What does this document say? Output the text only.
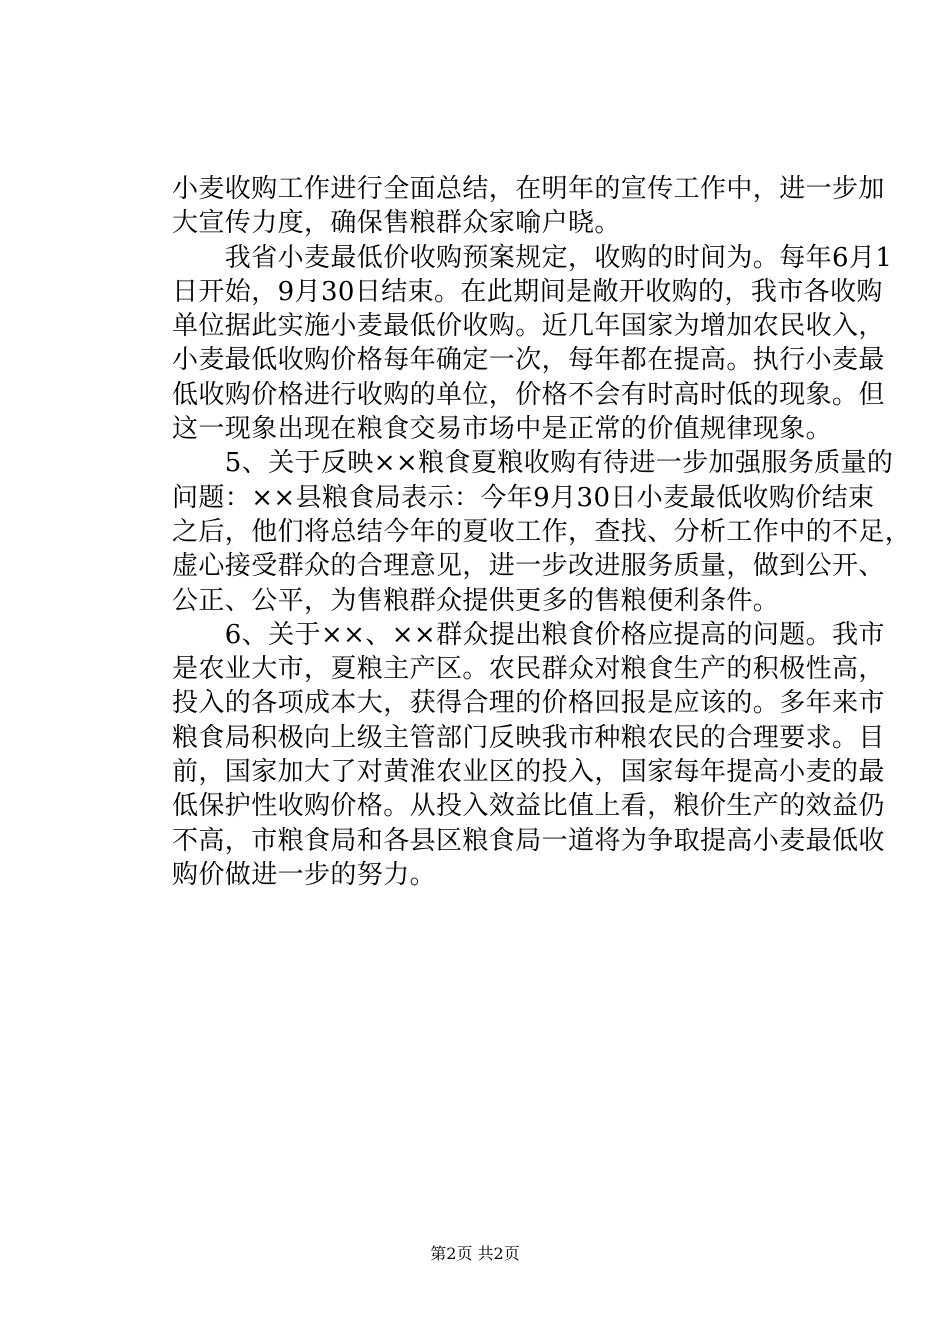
小麦收购工作进行全面总结，在明年的宣传工作中，进一步加
大宣传力度，确保售粮群众家喻户晓。
　　我省小麦最低价收购预案规定，收购的时间为。每年6月1
日开始，9月30日结束。在此期间是敞开收购的，我市各收购
单位据此实施小麦最低价收购。近几年国家为增加农民收入，
小麦最低收购价格每年确定一次，每年都在提高。执行小麦最
低收购价格进行收购的单位，价格不会有时高时低的现象。但
这一现象出现在粮食交易市场中是正常的价值规律现象。
　　5、关于反映××粮食夏粮收购有待进一步加强服务质量的
问题：××县粮食局表示：今年9月30日小麦最低收购价结束
之后，他们将总结今年的夏收工作，查找、分析工作中的不足，
虚心接受群众的合理意见，进一步改进服务质量，做到公开、
公正、公平，为售粮群众提供更多的售粮便利条件。
　　6、关于××、××群众提出粮食价格应提高的问题。我市
是农业大市，夏粮主产区。农民群众对粮食生产的积极性高，
投入的各项成本大，获得合理的价格回报是应该的。多年来市
粮食局积极向上级主管部门反映我市种粮农民的合理要求。目
前，国家加大了对黄淮农业区的投入，国家每年提高小麦的最
低保护性收购价格。从投入效益比值上看，粮价生产的效益仍
不高，市粮食局和各县区粮食局一道将为争取提高小麦最低收
购价做进一步的努力。
第2页 共2页
